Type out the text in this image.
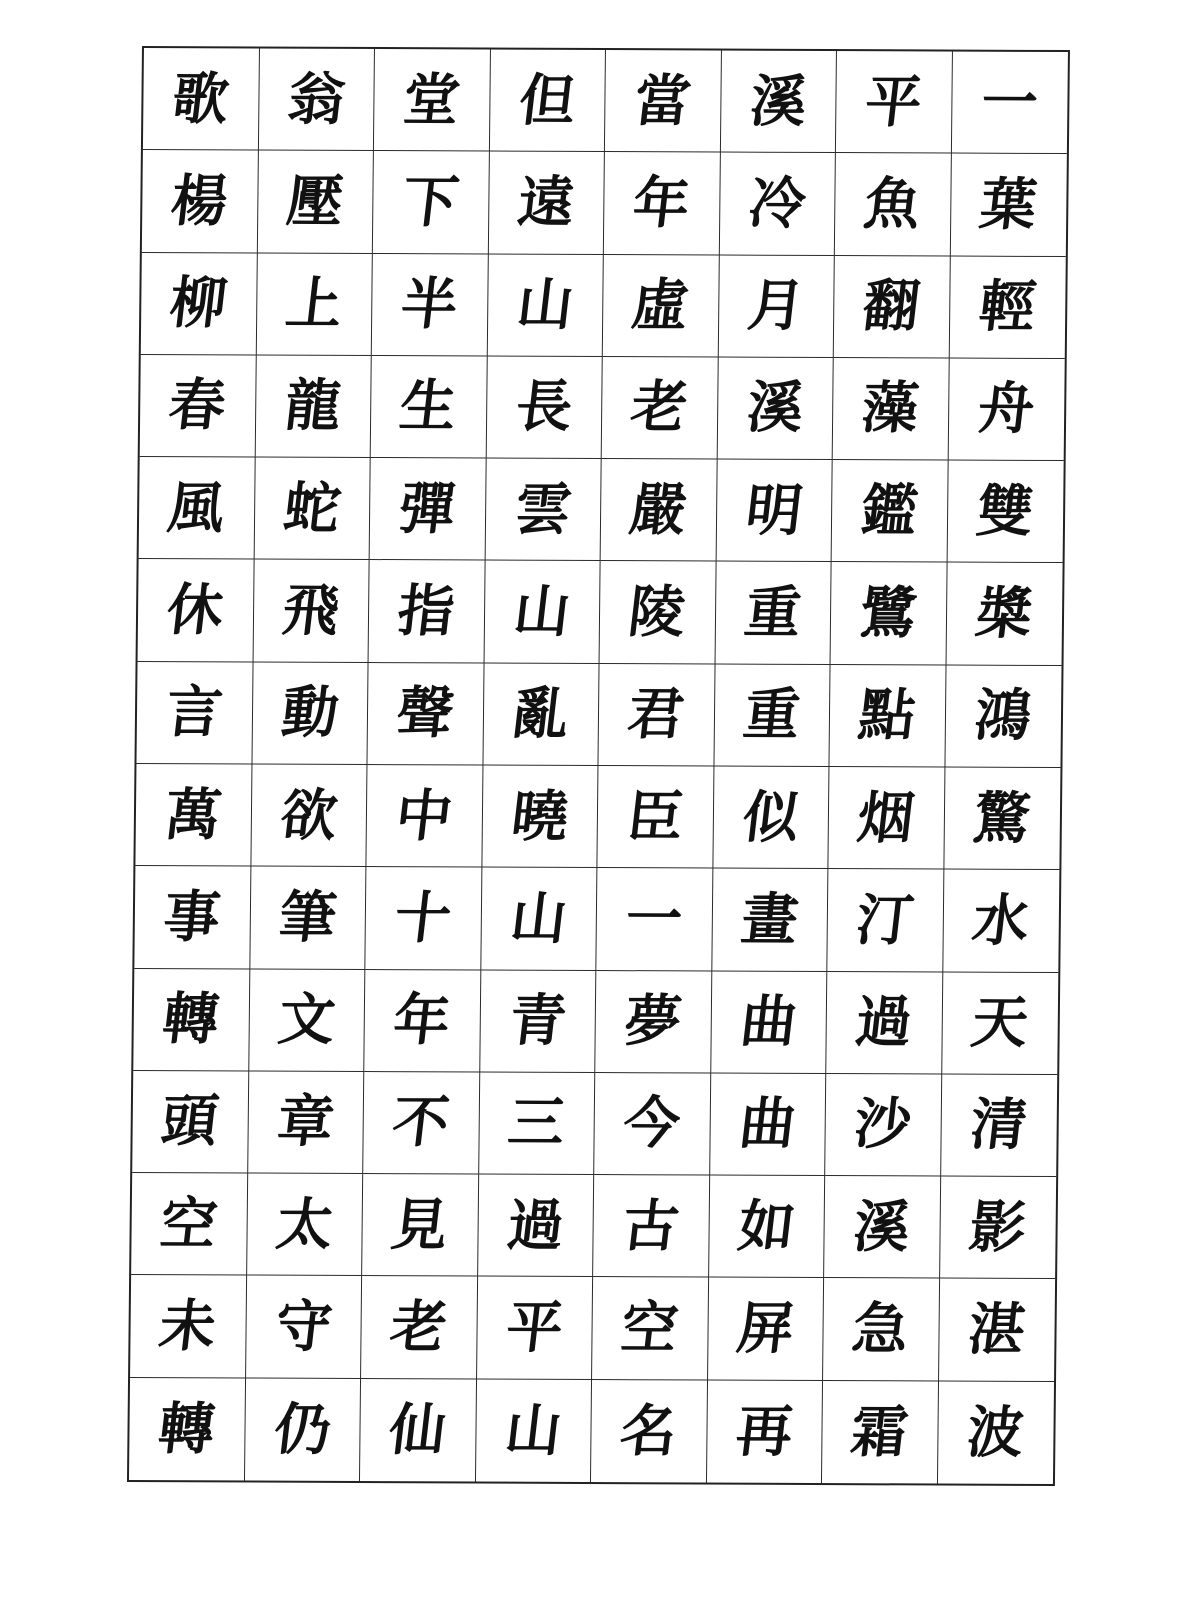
歌 翁 堂 但 當 溪 平 一
楊 壓 下 遠 年 冷 魚 葉
柳 上 半 山 虛 月 翻 輕
春 龍 生 長 老 溪 藻 舟
風 蛇 彈 雲 嚴 明 鑑 雙
休 飛 指 山 陵 重 鷺 槳
言 動 聲 亂 君 重 點 鴻
萬 欲 中 曉 臣 似 烟 驚
事 筆 十 山 一 畫 汀 水
轉 文 年 青 夢 曲 過 天
頭 章 不 三 今 曲 沙 清
空 太 見 過 古 如 溪 影
未 守 老 平 空 屏 急 湛
轉 仍 仙 山 名 再 霜 波
